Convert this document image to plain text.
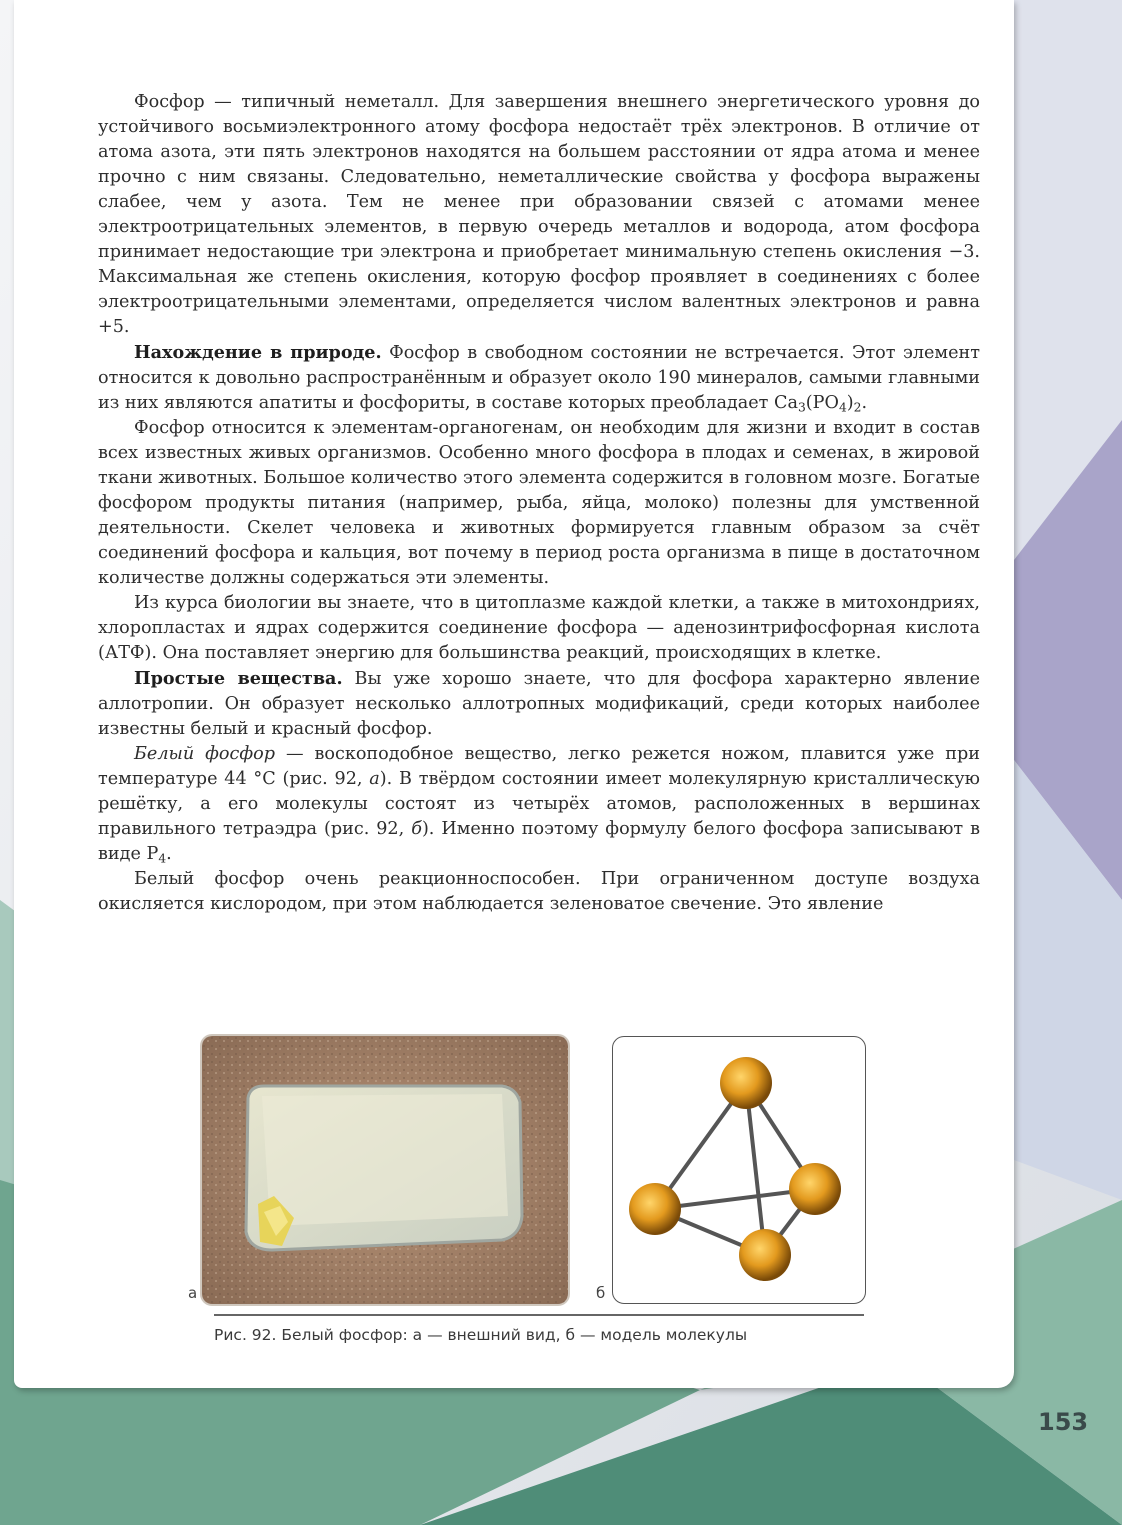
Фосфор — типичный неметалл. Для завершения внешнего энергетического уровня до устойчивого восьмиэлектронного атому фосфора недостаёт трёх электронов. В отличие от атома азота, эти пять электронов находятся на большем расстоянии от ядра атома и менее прочно с ним связаны. Следовательно, неметаллические свойства у фосфора выражены слабее, чем у азота. Тем не менее при образовании связей с атомами менее электроотрицательных элементов, в первую очередь металлов и водорода, атом фосфора принимает недостающие три электрона и приобретает минимальную степень окисления −3. Максимальная же степень окисления, которую фосфор проявляет в соединениях с более электроотрицательными элементами, определяется числом валентных электронов и равна +5.

Нахождение в природе. Фосфор в свободном состоянии не встречается. Этот элемент относится к довольно распространённым и образует около 190 минералов, самыми главными из них являются апатиты и фосфориты, в составе которых преобладает $Ca_3(PO_4)_2$.

Фосфор относится к элементам-органогенам, он необходим для жизни и входит в состав всех известных живых организмов. Особенно много фосфора в плодах и семенах, в жировой ткани животных. Большое количество этого элемента содержится в головном мозге. Богатые фосфором продукты питания (например, рыба, яйца, молоко) полезны для умственной деятельности. Скелет человека и животных формируется главным образом за счёт соединений фосфора и кальция, вот почему в период роста организма в пище в достаточном количестве должны содержаться эти элементы.

Из курса биологии вы знаете, что в цитоплазме каждой клетки, а также в митохондриях, хлоропластах и ядрах содержится соединение фосфора — аденозинтрифосфорная кислота (АТФ). Она поставляет энергию для большинства реакций, происходящих в клетке.

Простые вещества. Вы уже хорошо знаете, что для фосфора характерно явление аллотропии. Он образует несколько аллотропных модификаций, среди которых наиболее известны белый и красный фосфор.

Белый фосфор — воскоподобное вещество, легко режется ножом, плавится уже при температуре 44 °C (рис. 92, а). В твёрдом состоянии имеет молекулярную кристаллическую решётку, а его молекулы состоят из четырёх атомов, расположенных в вершинах правильного тетраэдра (рис. 92, б). Именно поэтому формулу белого фосфора записывают в виде $P_4$.

Белый фосфор очень реакционноспособен. При ограниченном доступе воздуха окисляется кислородом, при этом наблюдается зеленоватое свечение. Это явление

а	б
Рис. 92. Белый фосфор: а — внешний вид, б — модель молекулы
153
